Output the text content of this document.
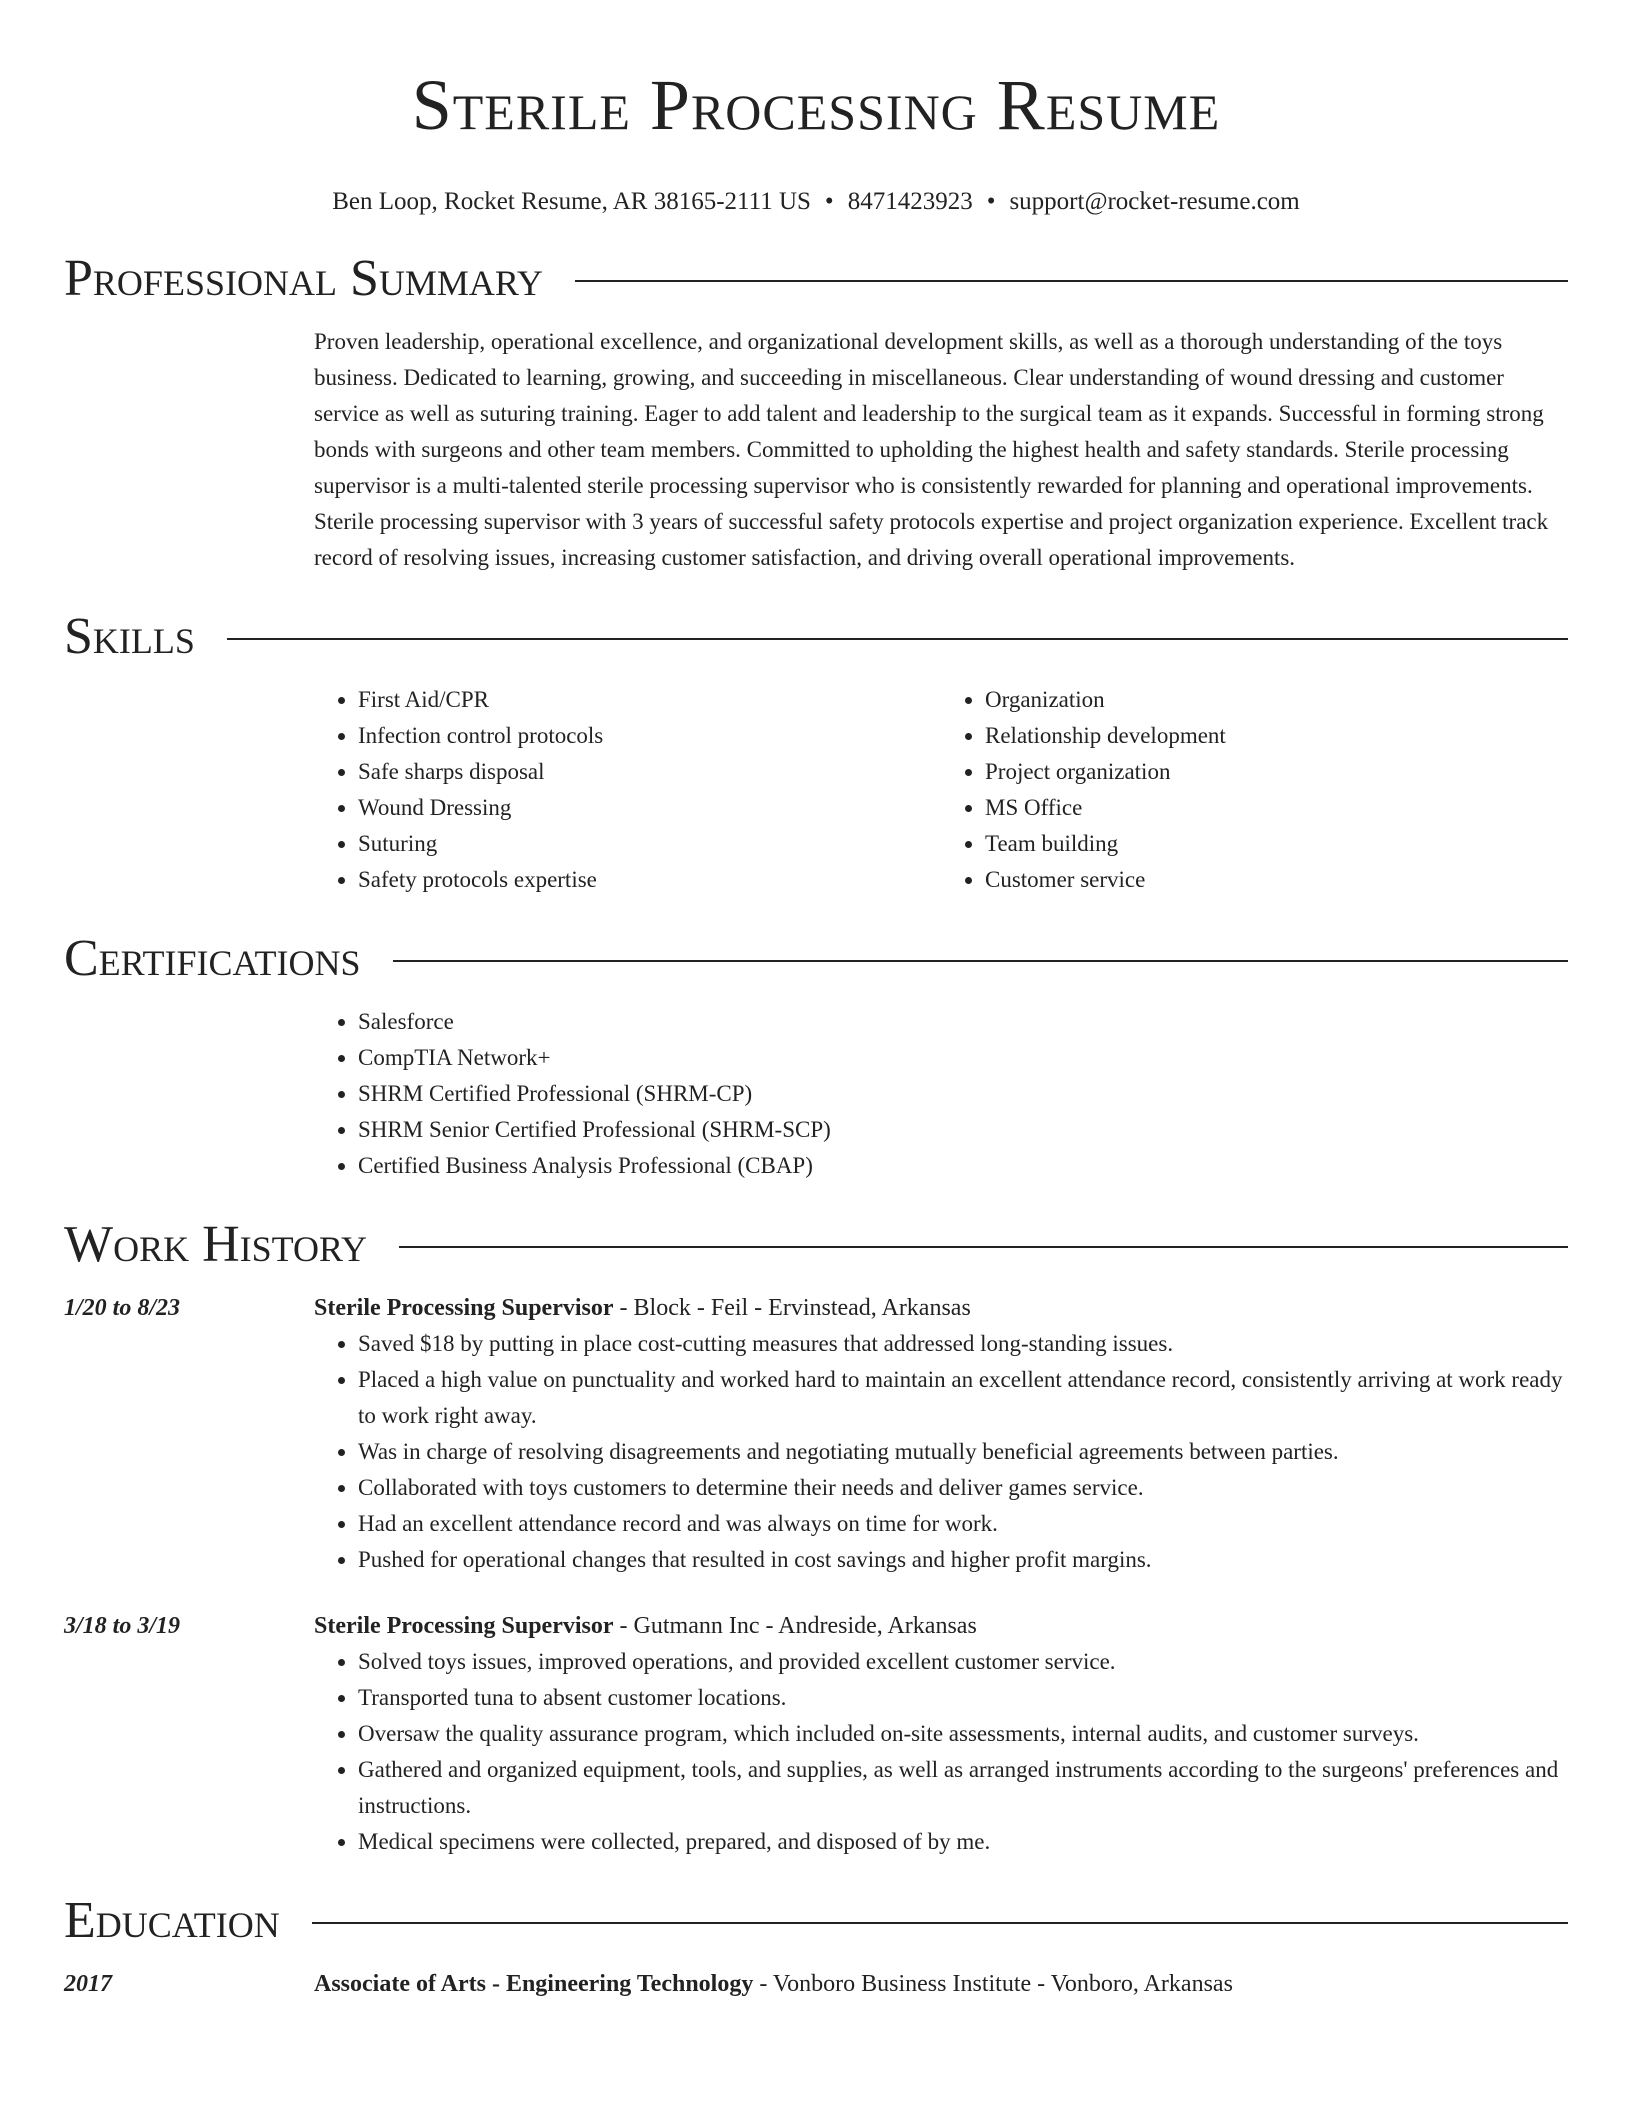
Sterile Processing Resume
Ben Loop, Rocket Resume, AR 38165-2111 US • 8471423923 • support@rocket-resume.com
Professional Summary
Proven leadership, operational excellence, and organizational development skills, as well as a thorough understanding of the toys business. Dedicated to learning, growing, and succeeding in miscellaneous. Clear understanding of wound dressing and customer service as well as suturing training. Eager to add talent and leadership to the surgical team as it expands. Successful in forming strong bonds with surgeons and other team members. Committed to upholding the highest health and safety standards. Sterile processing supervisor is a multi-talented sterile processing supervisor who is consistently rewarded for planning and operational improvements. Sterile processing supervisor with 3 years of successful safety protocols expertise and project organization experience. Excellent track record of resolving issues, increasing customer satisfaction, and driving overall operational improvements.
Skills
• First Aid/CPR
• Infection control protocols
• Safe sharps disposal
• Wound Dressing
• Suturing
• Safety protocols expertise
• Organization
• Relationship development
• Project organization
• MS Office
• Team building
• Customer service
Certifications
• Salesforce
• CompTIA Network+
• SHRM Certified Professional (SHRM-CP)
• SHRM Senior Certified Professional (SHRM-SCP)
• Certified Business Analysis Professional (CBAP)
Work History
1/20 to 8/23	Sterile Processing Supervisor - Block - Feil - Ervinstead, Arkansas
• Saved $18 by putting in place cost-cutting measures that addressed long-standing issues.
• Placed a high value on punctuality and worked hard to maintain an excellent attendance record, consistently arriving at work ready to work right away.
• Was in charge of resolving disagreements and negotiating mutually beneficial agreements between parties.
• Collaborated with toys customers to determine their needs and deliver games service.
• Had an excellent attendance record and was always on time for work.
• Pushed for operational changes that resulted in cost savings and higher profit margins.
3/18 to 3/19	Sterile Processing Supervisor - Gutmann Inc - Andreside, Arkansas
• Solved toys issues, improved operations, and provided excellent customer service.
• Transported tuna to absent customer locations.
• Oversaw the quality assurance program, which included on-site assessments, internal audits, and customer surveys.
• Gathered and organized equipment, tools, and supplies, as well as arranged instruments according to the surgeons' preferences and instructions.
• Medical specimens were collected, prepared, and disposed of by me.
Education
2017	Associate of Arts - Engineering Technology - Vonboro Business Institute - Vonboro, Arkansas
